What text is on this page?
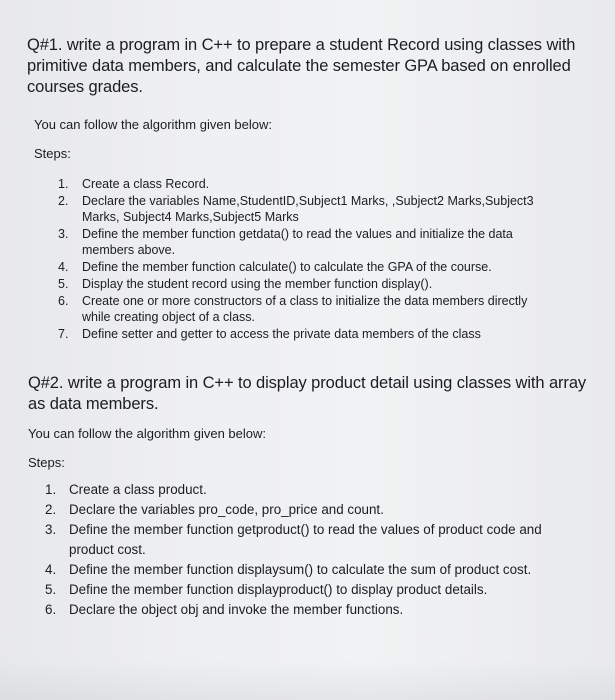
Q#1. write a program in C++ to prepare a student Record using classes with
primitive data members, and calculate the semester GPA based on enrolled
courses grades.
You can follow the algorithm given below:
Steps:
1. Create a class Record.
2. Declare the variables Name,StudentID,Subject1 Marks, ,Subject2 Marks,Subject3
Marks, Subject4 Marks,Subject5 Marks
3. Define the member function getdata() to read the values and initialize the data
members above.
4. Define the member function calculate() to calculate the GPA of the course.
5. Display the student record using the member function display().
6. Create one or more constructors of a class to initialize the data members directly
while creating object of a class.
7. Define setter and getter to access the private data members of the class
Q#2. write a program in C++ to display product detail using classes with array
as data members.
You can follow the algorithm given below:
Steps:
1. Create a class product.
2. Declare the variables pro_code, pro_price and count.
3. Define the member function getproduct() to read the values of product code and
product cost.
4. Define the member function displaysum() to calculate the sum of product cost.
5. Define the member function displayproduct() to display product details.
6. Declare the object obj and invoke the member functions.
